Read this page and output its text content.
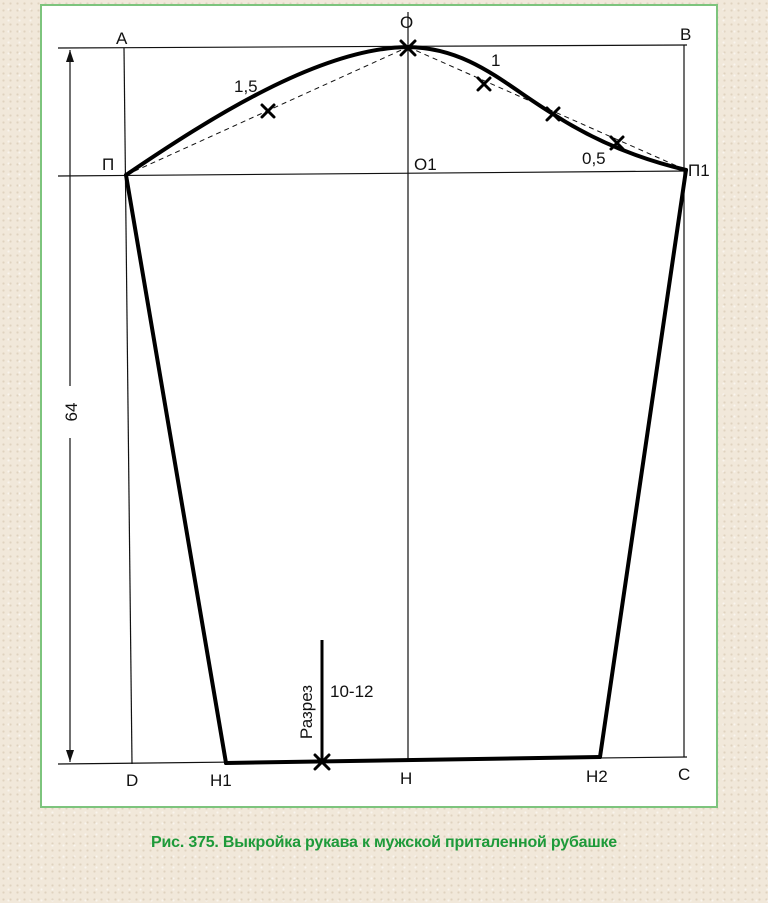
A	B
O
O1
П	П1
D	C
H
H1	H2
1,5
1
0,5
10-12
64
Разрез
Рис. 375. Выкройка рукава к мужской приталенной рубашке
